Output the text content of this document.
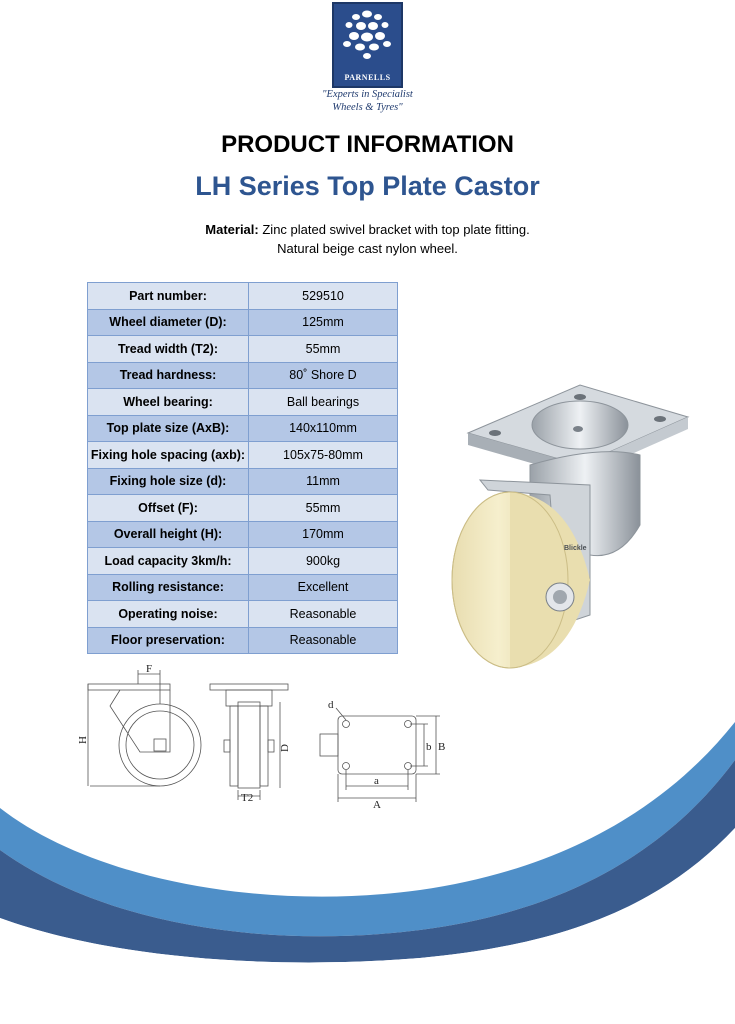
PARNELLS
"Experts in Specialist
Wheels & Tyres"
PRODUCT INFORMATION
LH Series Top Plate Castor
Material: Zinc plated swivel bracket with top plate fitting.
Natural beige cast nylon wheel.
Part number:	529510
Wheel diameter (D):	125mm
Tread width (T2):	55mm
Tread hardness:	80˚ Shore D
Wheel bearing:	Ball bearings
Top plate size (AxB):	140x110mm
Fixing hole spacing (axb):	105x75-80mm
Fixing hole size (d):	11mm
Offset (F):	55mm
Overall height (H):	170mm
Load capacity 3km/h:	900kg
Rolling resistance:	Excellent
Operating noise:	Reasonable
Floor preservation:	Reasonable
Blickle
F
H
T2
D
d
b B
a
A
